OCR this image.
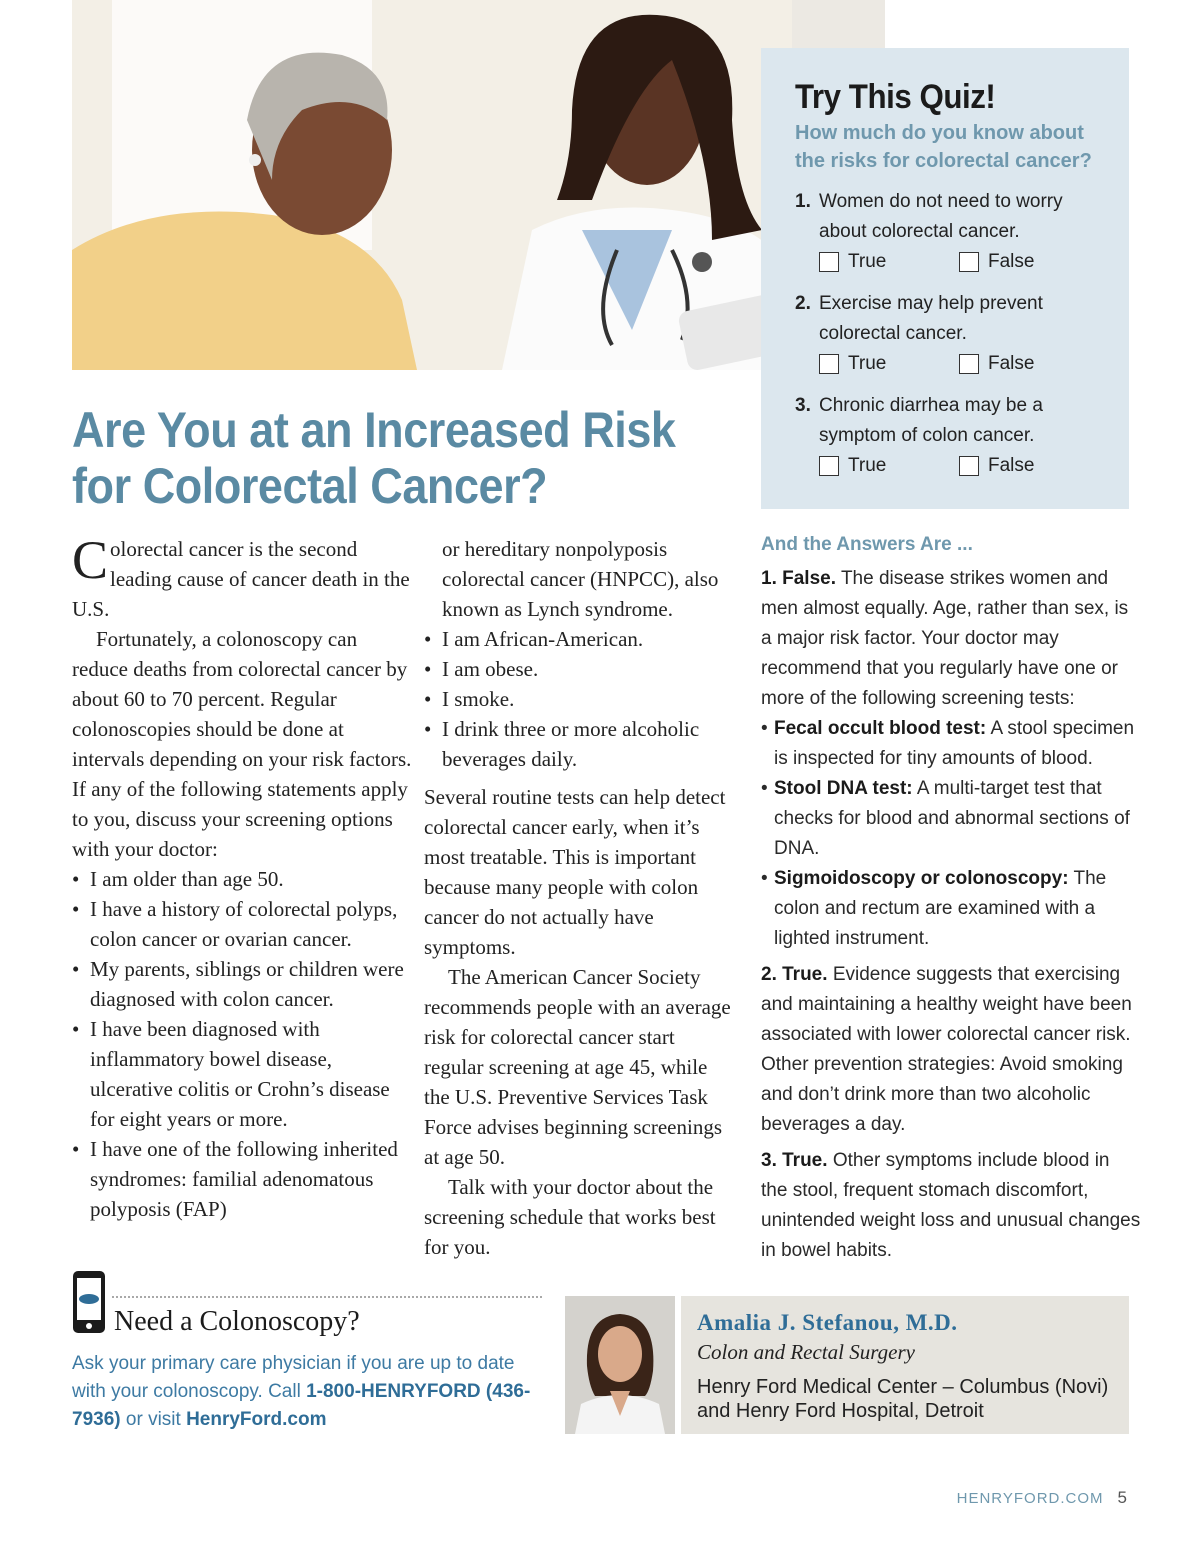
Try This Quiz!
How much do you know about the risks for colorectal cancer?
1. Women do not need to worry about colorectal cancer.
True	False
2. Exercise may help prevent colorectal cancer.
True	False
3. Chronic diarrhea may be a symptom of colon cancer.
True	False
Are You at an Increased Risk for Colorectal Cancer?
Colorectal cancer is the second leading cause of cancer death in the U.S.
Fortunately, a colonoscopy can reduce deaths from colorectal cancer by about 60 to 70 percent. Regular colonoscopies should be done at intervals depending on your risk factors. If any of the following statements apply to you, discuss your screening options with your doctor:
• I am older than age 50.
• I have a history of colorectal polyps, colon cancer or ovarian cancer.
• My parents, siblings or children were diagnosed with colon cancer.
• I have been diagnosed with inflammatory bowel disease, ulcerative colitis or Crohn’s disease for eight years or more.
• I have one of the following inherited syndromes: familial adenomatous polyposis (FAP)
or hereditary nonpolyposis colorectal cancer (HNPCC), also known as Lynch syndrome.
• I am African-American.
• I am obese.
• I smoke.
• I drink three or more alcoholic beverages daily.
Several routine tests can help detect colorectal cancer early, when it’s most treatable. This is important because many people with colon cancer do not actually have symptoms.
The American Cancer Society recommends people with an average risk for colorectal cancer start regular screening at age 45, while the U.S. Preventive Services Task Force advises beginning screenings at age 50.
Talk with your doctor about the screening schedule that works best for you.
And the Answers Are ...
1. False. The disease strikes women and men almost equally. Age, rather than sex, is a major risk factor. Your doctor may recommend that you regularly have one or more of the following screening tests:
• Fecal occult blood test: A stool specimen is inspected for tiny amounts of blood.
• Stool DNA test: A multi-target test that checks for blood and abnormal sections of DNA.
• Sigmoidoscopy or colonoscopy: The colon and rectum are examined with a lighted instrument.
2. True. Evidence suggests that exercising and maintaining a healthy weight have been associated with lower colorectal cancer risk. Other prevention strategies: Avoid smoking and don’t drink more than two alcoholic beverages a day.
3. True. Other symptoms include blood in the stool, frequent stomach discomfort, unintended weight loss and unusual changes in bowel habits.
Need a Colonoscopy?
Ask your primary care physician if you are up to date with your colonoscopy. Call 1-800-HENRYFORD (436-7936) or visit HenryFord.com
Amalia J. Stefanou, M.D.
Colon and Rectal Surgery
Henry Ford Medical Center – Columbus (Novi) and Henry Ford Hospital, Detroit
HENRYFORD.COM 5
